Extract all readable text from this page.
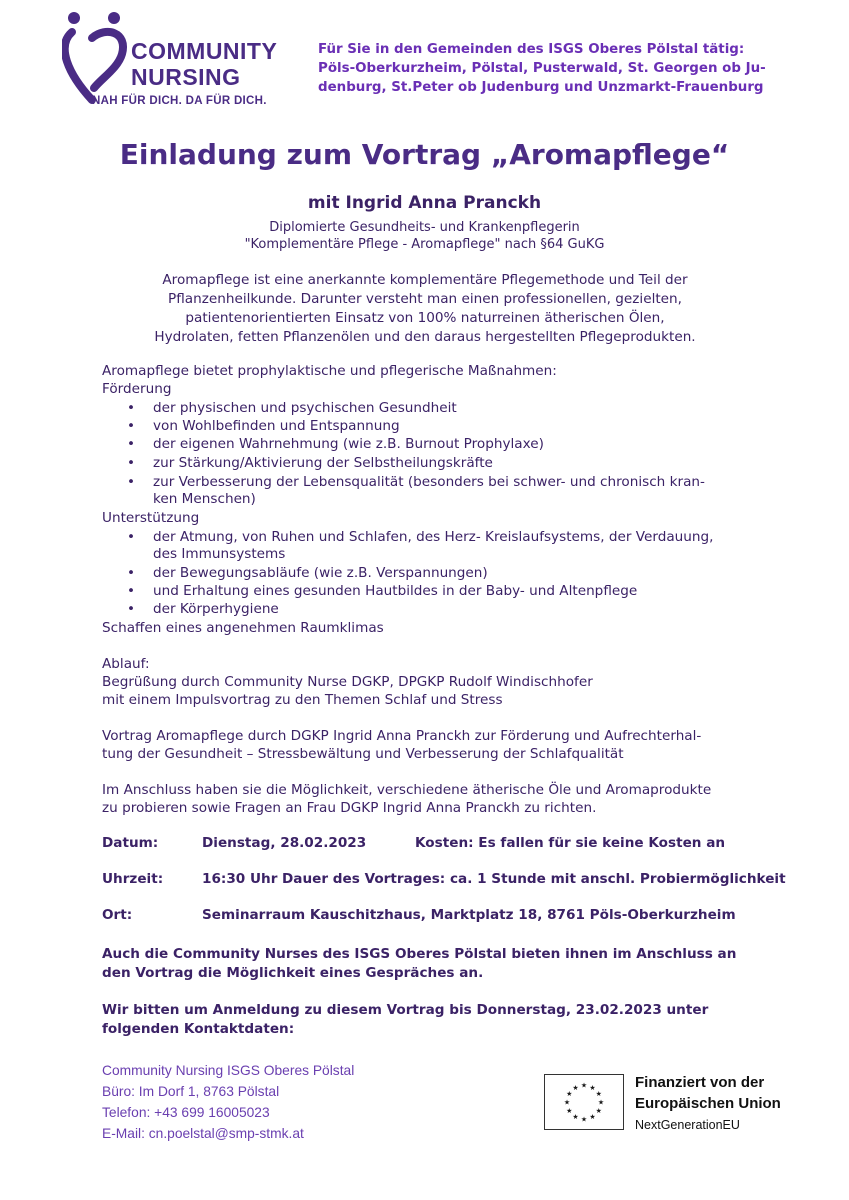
COMMUNITY
NURSING
NAH FÜR DICH. DA FÜR DICH.
Für Sie in den Gemeinden des ISGS Oberes Pölstal tätig:
Pöls-Oberkurzheim, Pölstal, Pusterwald, St. Georgen ob Ju-
denburg, St.Peter ob Judenburg und Unzmarkt-Frauenburg
Einladung zum Vortrag „Aromapflege“
mit Ingrid Anna Pranckh
Diplomierte Gesundheits- und Krankenpflegerin
"Komplementäre Pflege - Aromapflege" nach §64 GuKG
Aromapflege ist eine anerkannte komplementäre Pflegemethode und Teil der
Pflanzenheilkunde. Darunter versteht man einen professionellen, gezielten,
patientenorientierten Einsatz von 100% naturreinen ätherischen Ölen,
Hydrolaten, fetten Pflanzenölen und den daraus hergestellten Pflegeprodukten.
Aromapflege bietet prophylaktische und pflegerische Maßnahmen:
Förderung
• der physischen und psychischen Gesundheit
• von Wohlbefinden und Entspannung
• der eigenen Wahrnehmung (wie z.B. Burnout Prophylaxe)
• zur Stärkung/Aktivierung der Selbstheilungskräfte
• zur Verbesserung der Lebensqualität (besonders bei schwer- und chronisch kran-
ken Menschen)
Unterstützung
• der Atmung, von Ruhen und Schlafen, des Herz- Kreislaufsystems, der Verdauung,
des Immunsystems
• der Bewegungsabläufe (wie z.B. Verspannungen)
• und Erhaltung eines gesunden Hautbildes in der Baby- und Altenpflege
• der Körperhygiene
Schaffen eines angenehmen Raumklimas
Ablauf:
Begrüßung durch Community Nurse DGKP, DPGKP Rudolf Windischhofer
mit einem Impulsvortrag zu den Themen Schlaf und Stress
Vortrag Aromapflege durch DGKP Ingrid Anna Pranckh zur Förderung und Aufrechterhal-
tung der Gesundheit – Stressbewältung und Verbesserung der Schlafqualität
Im Anschluss haben sie die Möglichkeit, verschiedene ätherische Öle und Aromaprodukte
zu probieren sowie Fragen an Frau DGKP Ingrid Anna Pranckh zu richten.
Datum:	Dienstag, 28.02.2023	Kosten: Es fallen für sie keine Kosten an
Uhrzeit:	16:30 Uhr Dauer des Vortrages: ca. 1 Stunde mit anschl. Probiermöglichkeit
Ort:	Seminarraum Kauschitzhaus, Marktplatz 18, 8761 Pöls-Oberkurzheim
Auch die Community Nurses des ISGS Oberes Pölstal bieten ihnen im Anschluss an
den Vortrag die Möglichkeit eines Gespräches an.
Wir bitten um Anmeldung zu diesem Vortrag bis Donnerstag, 23.02.2023 unter
folgenden Kontaktdaten:
Community Nursing ISGS Oberes Pölstal
Büro: Im Dorf 1, 8763 Pölstal
Telefon: +43 699 16005023
E-Mail: cn.poelstal@smp-stmk.at
★ ★
★
★
★
★
★
★
★
★
★
★	Finanziert von der
Europäischen Union
NextGenerationEU
